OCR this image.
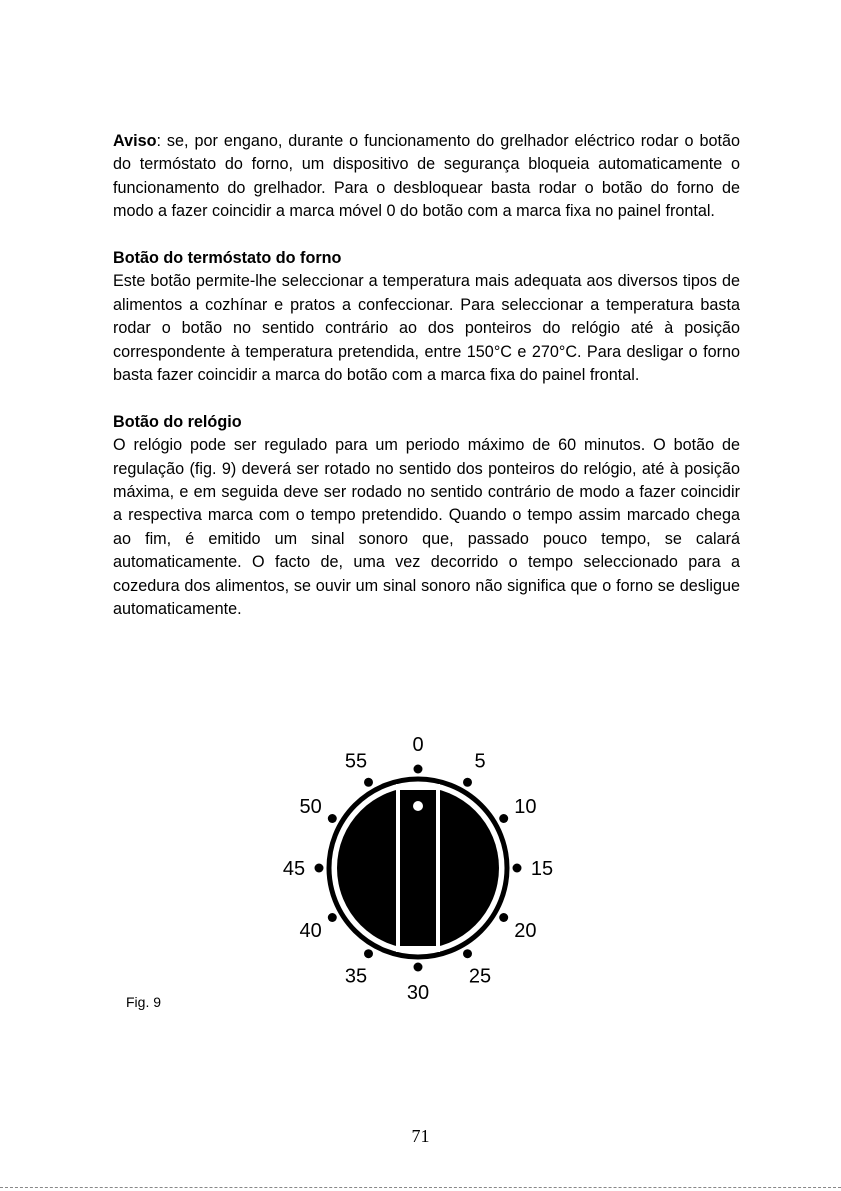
Aviso: se, por engano, durante o funcionamento do grelhador eléctrico rodar o botão do termóstato do forno, um dispositivo de segurança bloqueia automaticamente o funcionamento do grelhador. Para o desbloquear basta rodar o botão do forno de modo a fazer coincidir a marca móvel 0 do botão com a marca fixa no painel frontal.

Botão do termóstato do forno

Este botão permite-lhe seleccionar a temperatura mais adequata aos diversos tipos de alimentos a cozhínar e pratos a confeccionar. Para seleccionar a temperatura basta rodar o botão no sentido contrário ao dos ponteiros do relógio até à posição correspondente à temperatura pretendida, entre 150°C e 270°C. Para desligar o forno basta fazer coincidir a marca do botão com a marca fixa do painel frontal.

Botão do relógio

O relógio pode ser regulado para um periodo máximo de 60 minutos. O botão de regulação (fig. 9) deverá ser rotado no sentido dos ponteiros do relógio, até à posição máxima, e em seguida deve ser rodado no sentido contrário de modo a fazer coincidir a respectiva marca com o tempo pretendido. Quando o tempo assim marcado chega ao fim, é emitido um sinal sonoro que, passado pouco tempo, se calará automaticamente. O facto de, uma vez decorrido o tempo seleccionado para a cozedura dos alimentos, se ouvir um sinal sonoro não significa que o forno se desligue automaticamente.

0
5
10
15
20
25
30
35
40
45
50
55
Fig. 9
71
